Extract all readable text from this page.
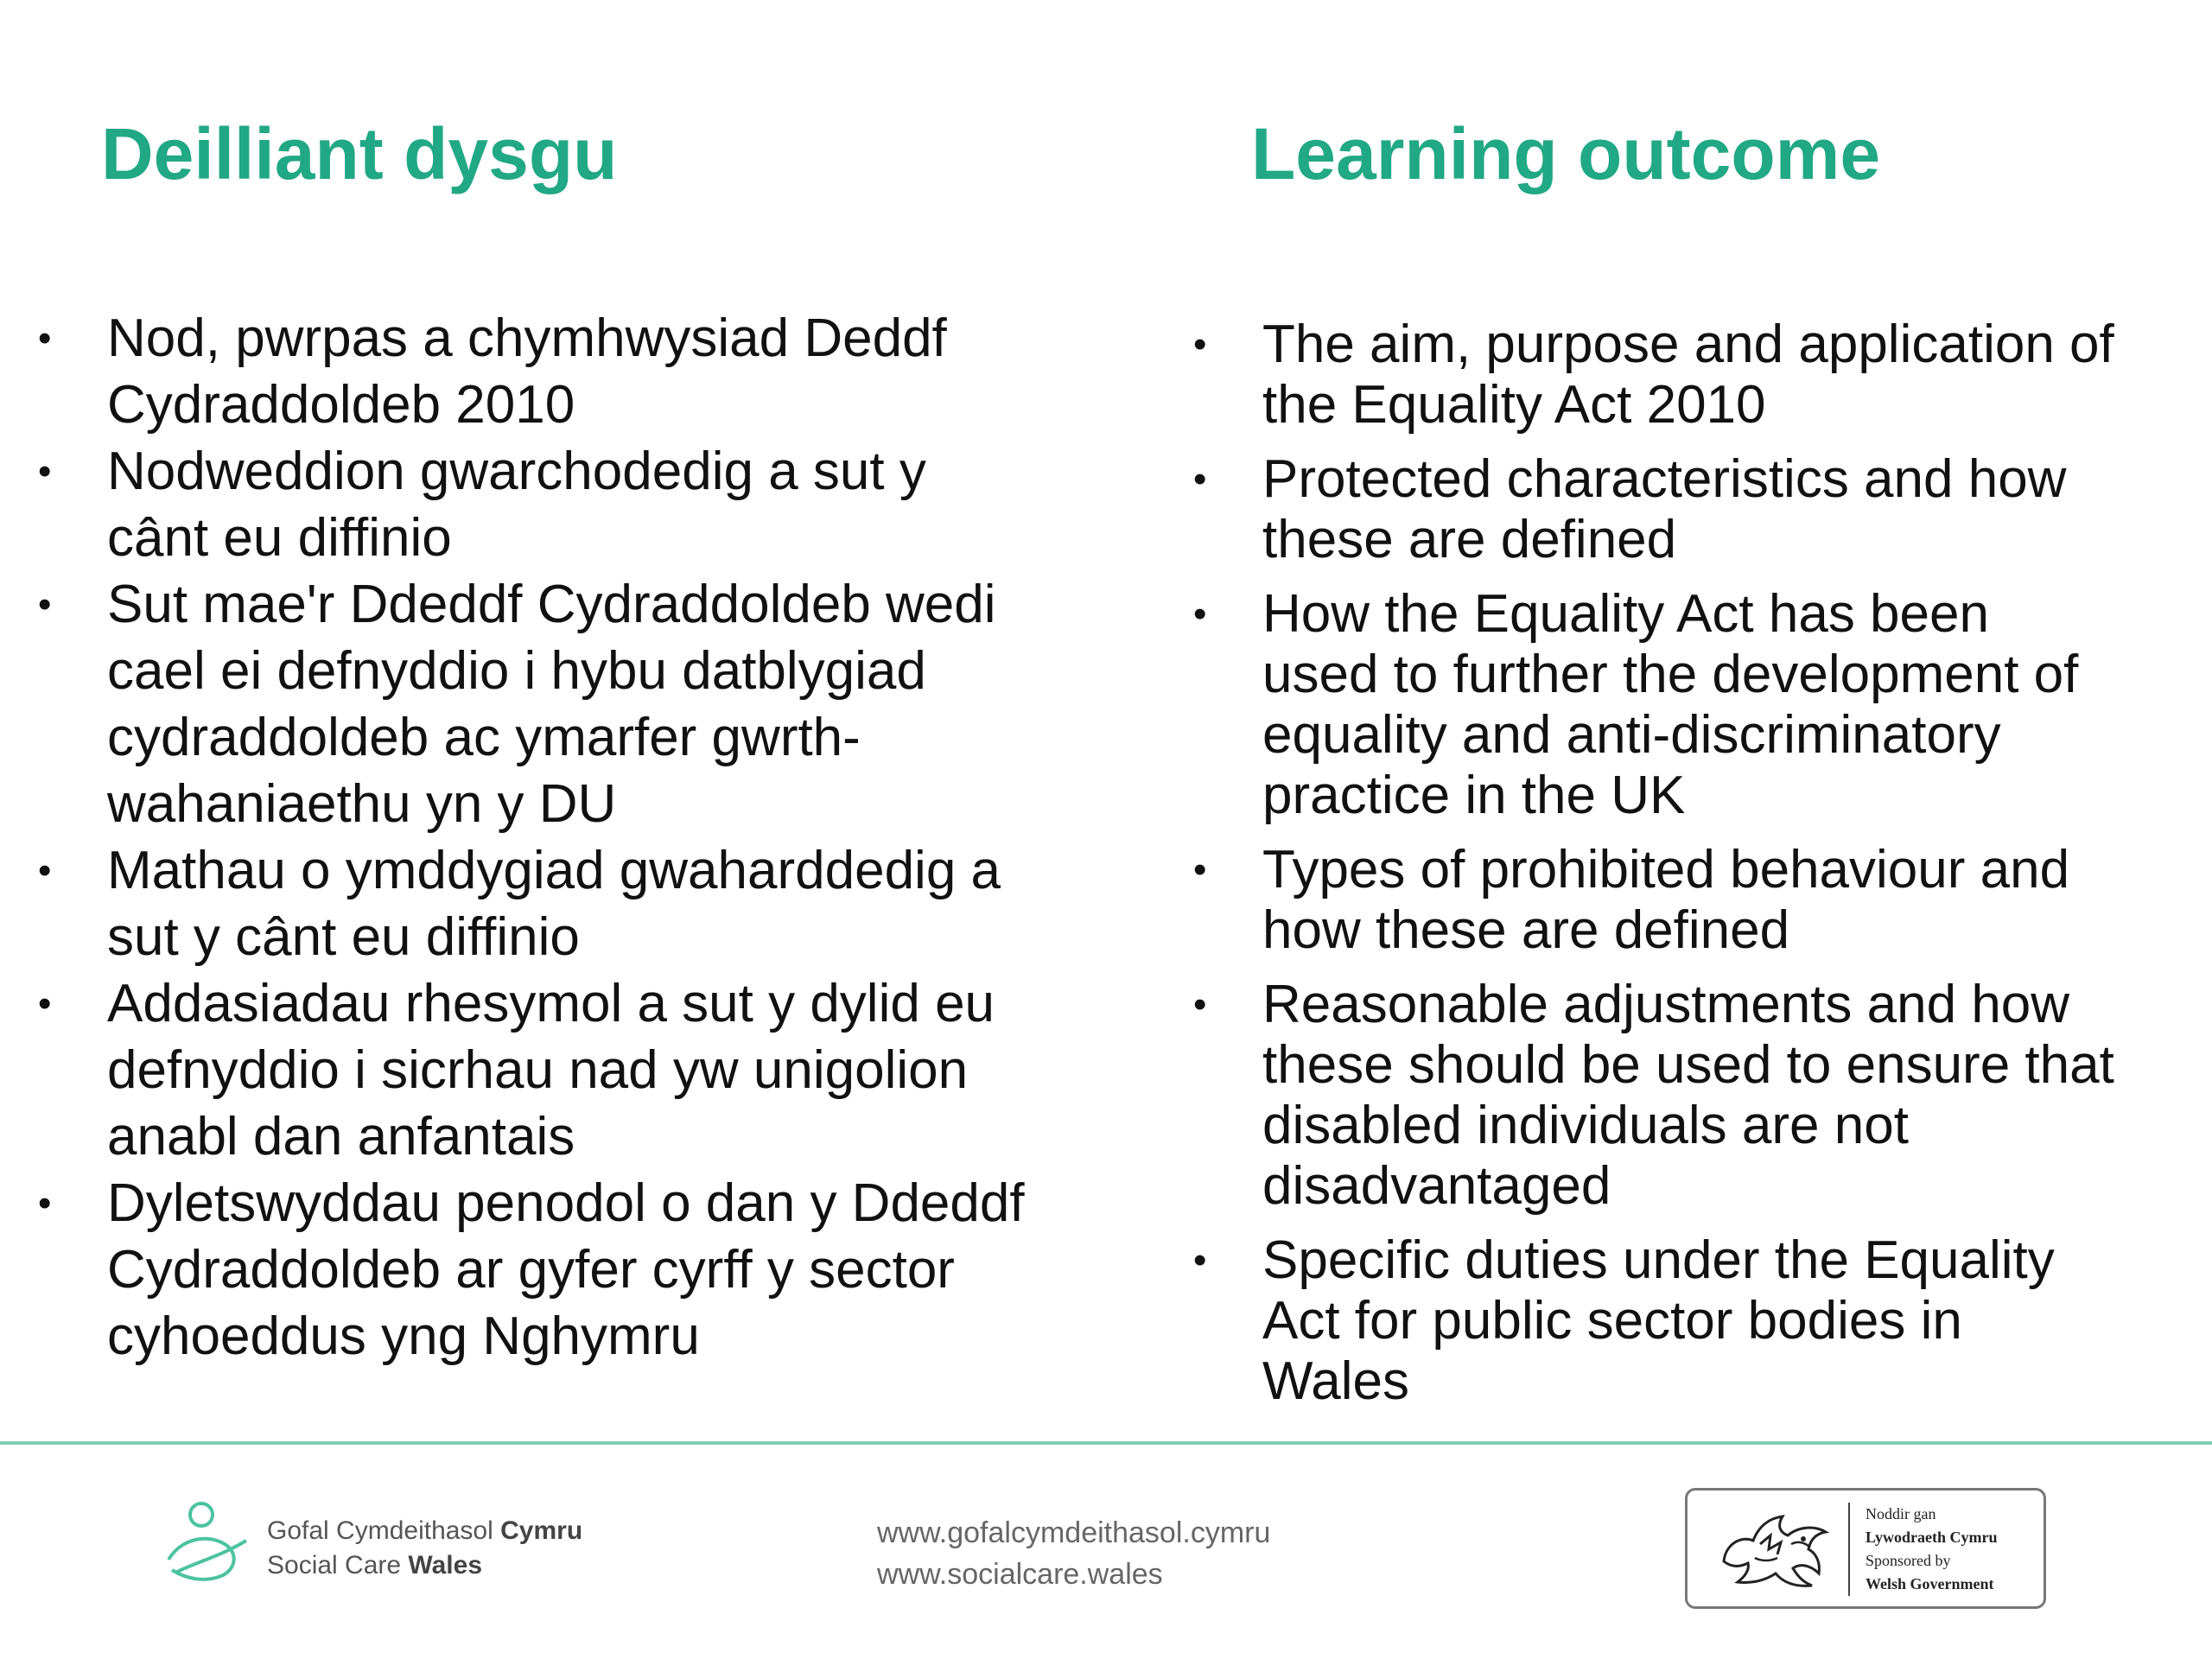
Deilliant dysgu
• Nod, pwrpas a chymhwysiad Deddf
Cydraddoldeb 2010
• Nodweddion gwarchodedig a sut y
cânt eu diffinio
• Sut mae'r Ddeddf Cydraddoldeb wedi
cael ei defnyddio i hybu datblygiad
cydraddoldeb ac ymarfer gwrth-
wahaniaethu yn y DU
• Mathau o ymddygiad gwaharddedig a
sut y cânt eu diffinio
• Addasiadau rhesymol a sut y dylid eu
defnyddio i sicrhau nad yw unigolion
anabl dan anfantais
• Dyletswyddau penodol o dan y Ddeddf
Cydraddoldeb ar gyfer cyrff y sector
cyhoeddus yng Nghymru
Learning outcome
• The aim, purpose and application of
the Equality Act 2010
• Protected characteristics and how
these are defined
• How the Equality Act has been
used to further the development of
equality and anti-discriminatory
practice in the UK
• Types of prohibited behaviour and
how these are defined
• Reasonable adjustments and how
these should be used to ensure that
disabled individuals are not
disadvantaged
• Specific duties under the Equality
Act for public sector bodies in
Wales
Gofal Cymdeithasol Cymru
Social Care Wales
www.gofalcymdeithasol.cymru
www.socialcare.wales
Noddir gan
Lywodraeth Cymru
Sponsored by
Welsh Government
